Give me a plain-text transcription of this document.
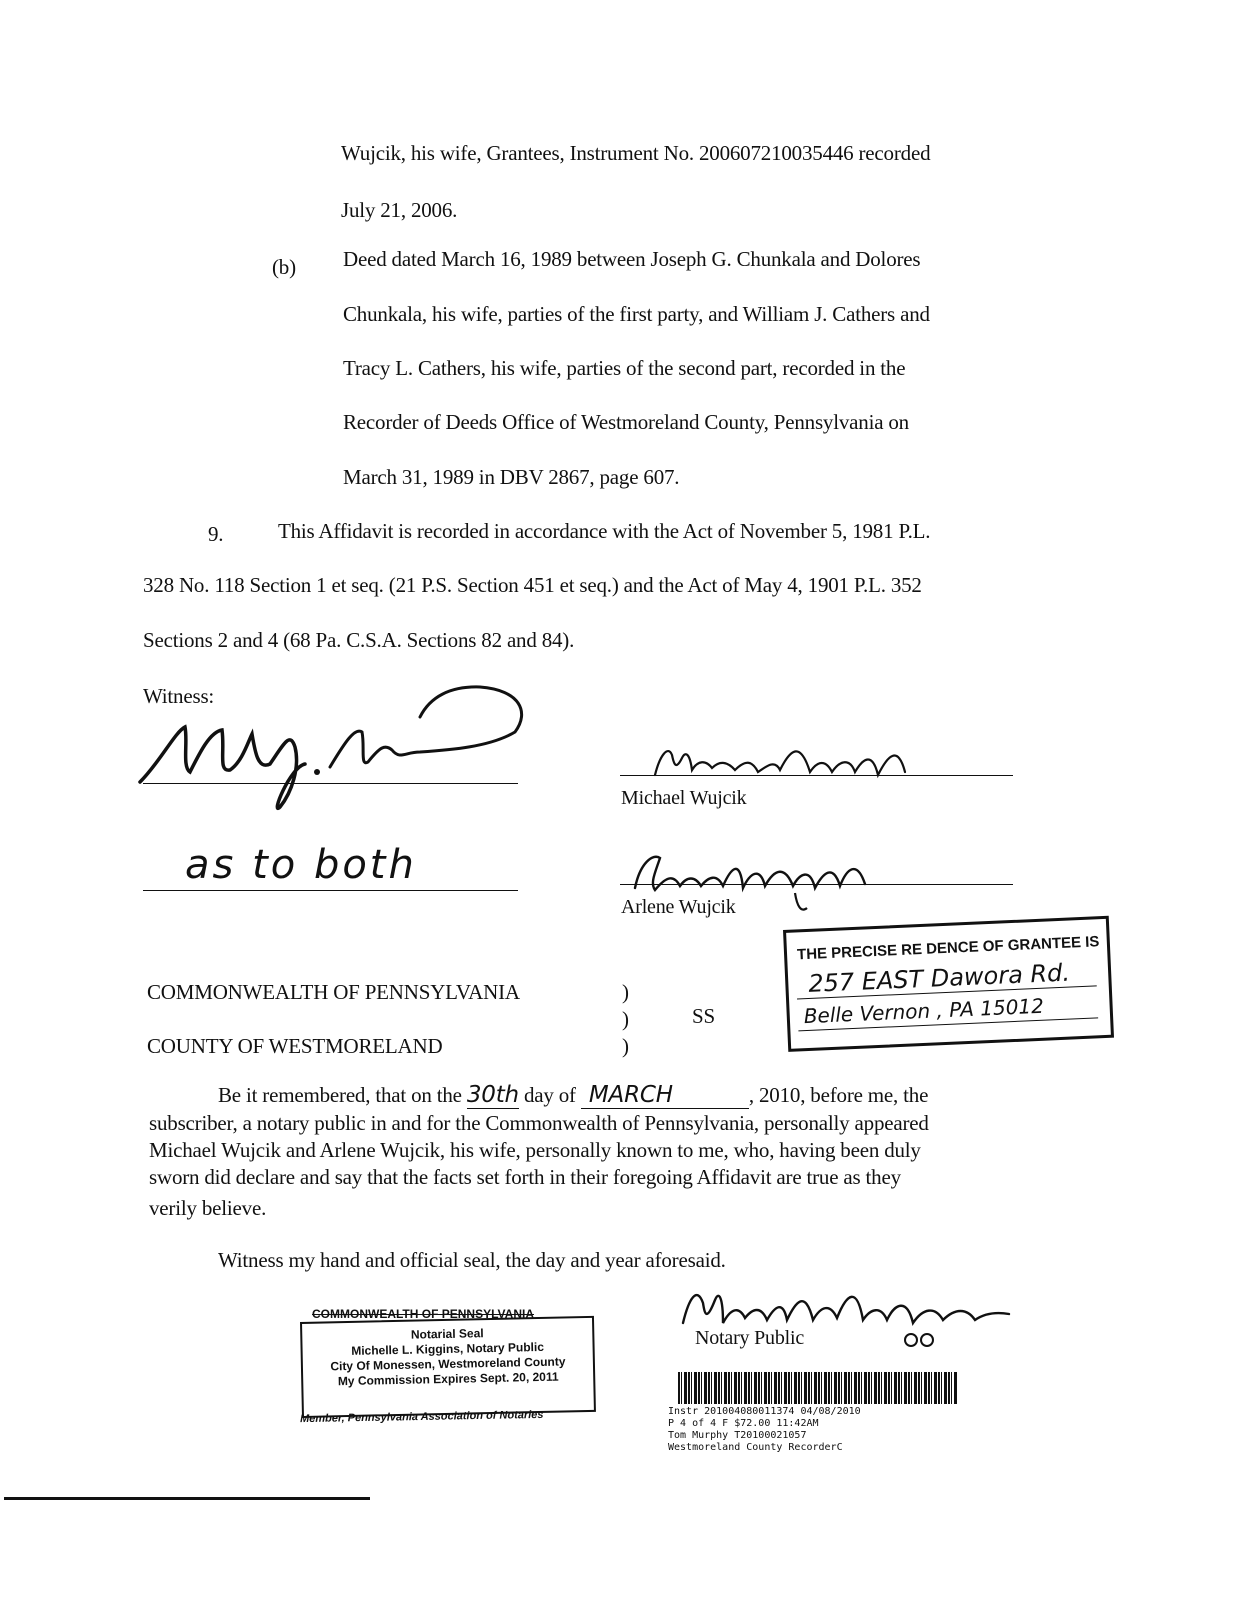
Wujcik, his wife, Grantees, Instrument No. 200607210035446 recorded
July 21, 2006.
(b) Deed dated March 16, 1989 between Joseph G. Chunkala and Dolores
Chunkala, his wife, parties of the first party, and William J. Cathers and
Tracy L. Cathers, his wife, parties of the second part, recorded in the
Recorder of Deeds Office of Westmoreland County, Pennsylvania on
March 31, 1989 in DBV 2867, page 607.
9.	This Affidavit is recorded in accordance with the Act of November 5, 1981 P.L.
328 No. 118 Section 1 et seq. (21 P.S. Section 451 et seq.) and the Act of May 4, 1901 P.L. 352
Sections 2 and 4 (68 Pa. C.S.A. Sections 82 and 84).
Witness:
as to both
Michael Wujcik
Arlene Wujcik
COMMONWEALTH OF PENNSYLVANIA
COUNTY OF WESTMORELAND
)
)
)
SS
THE PRECISE RE DENCE OF GRANTEE IS
257 EAST Dawora Rd.
Belle Vernon , PA 15012
Be it remembered, that on the 30th day of MARCH	, 2010, before me, the
subscriber, a notary public in and for the Commonwealth of Pennsylvania, personally appeared
Michael Wujcik and Arlene Wujcik, his wife, personally known to me, who, having been duly
sworn did declare and say that the facts set forth in their foregoing Affidavit are true as they
verily believe.
Witness my hand and official seal, the day and year aforesaid.
Notary Public
COMMONWEALTH OF PENNSYLVANIA
Notarial Seal
Michelle L. Kiggins, Notary Public
City Of Monessen, Westmoreland County
My Commission Expires Sept. 20, 2011
Member, Pennsylvania Association of Notaries	Instr 201004080011374 04/08/2010
P 4 of 4 F $72.00 11:42AM
Tom Murphy T20100021057
Westmoreland County RecorderC
